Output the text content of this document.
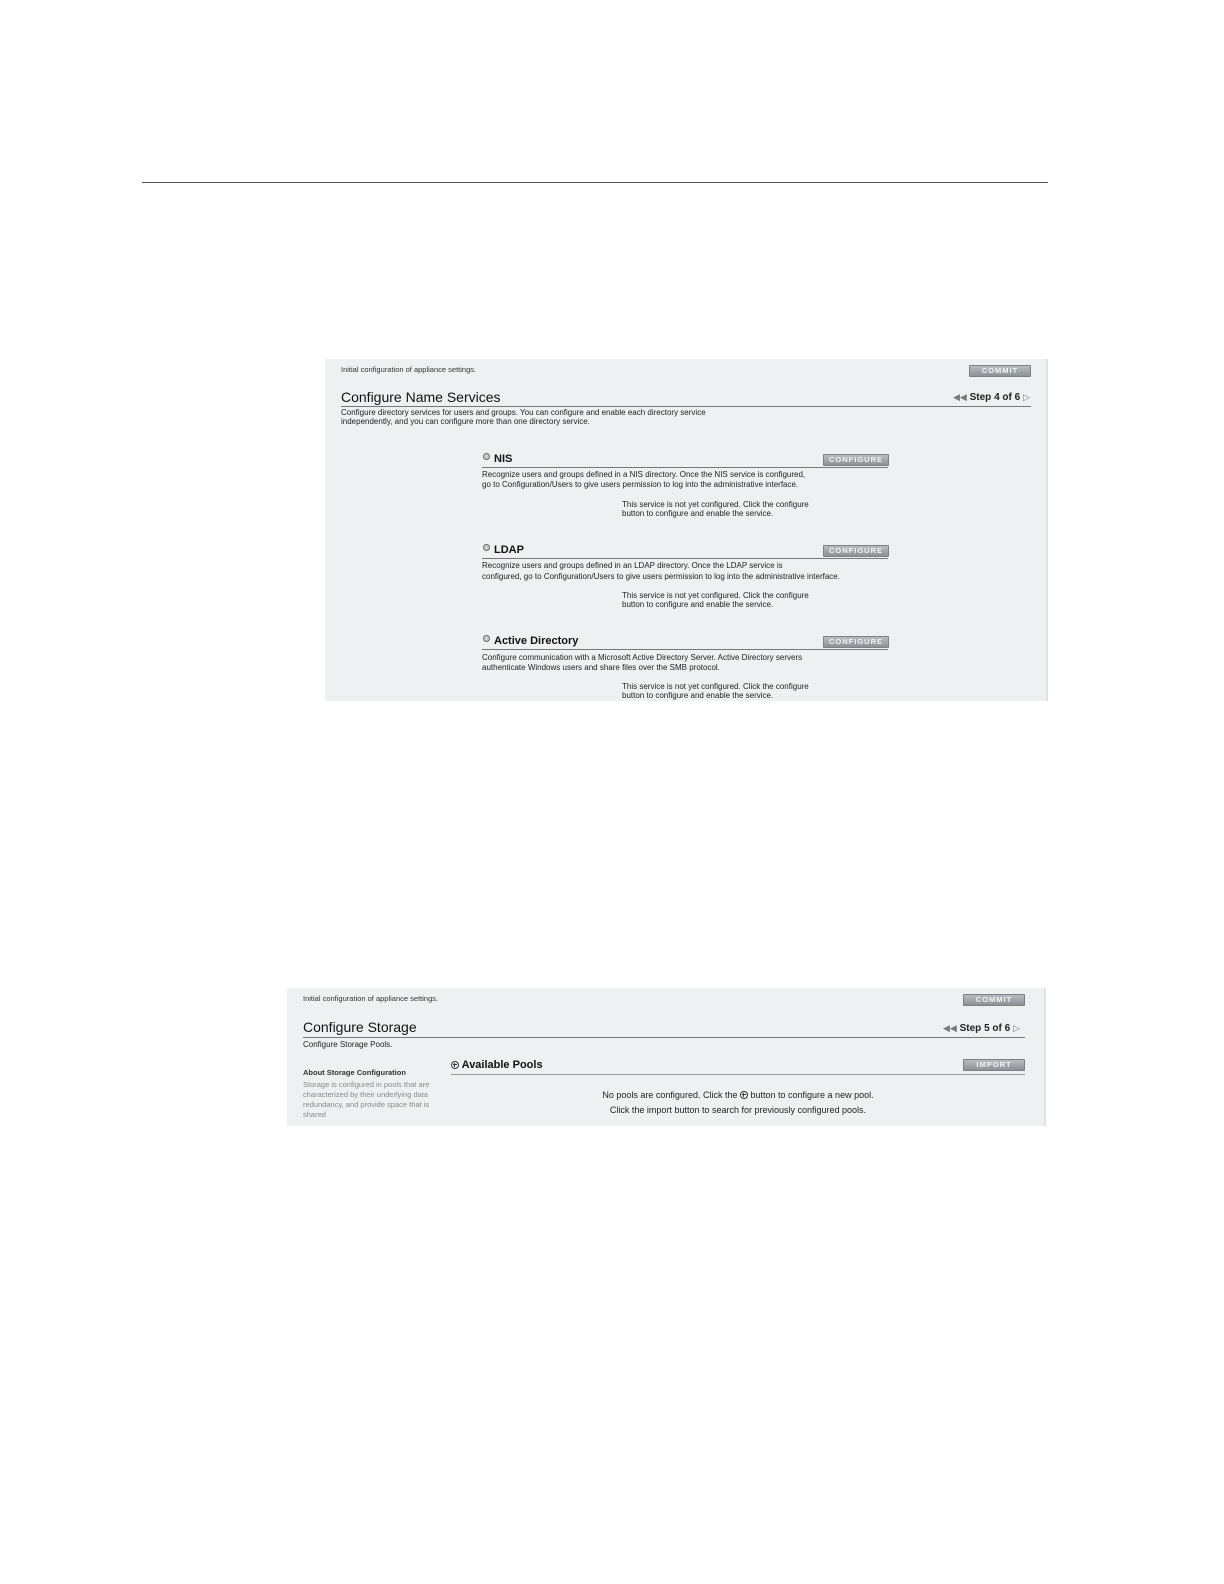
Initial configuration of appliance settings.	COMMIT
Configure Name Services	◀◀ Step 4 of 6 ▷
Configure directory services for users and groups. You can configure and enable each directory service
independently, and you can configure more than one directory service.
NIS	CONFIGURE
Recognize users and groups defined in a NIS directory. Once the NIS service is configured,
go to Configuration/Users to give users permission to log into the administrative interface.
This service is not yet configured. Click the configure
button to configure and enable the service.
LDAP	CONFIGURE
Recognize users and groups defined in an LDAP directory. Once the LDAP service is
configured, go to Configuration/Users to give users permission to log into the administrative interface.
This service is not yet configured. Click the configure
button to configure and enable the service.
Active Directory	CONFIGURE
Configure communication with a Microsoft Active Directory Server. Active Directory servers
authenticate Windows users and share files over the SMB protocol.
This service is not yet configured. Click the configure
button to configure and enable the service.
Initial configuration of appliance settings.	COMMIT
Configure Storage	◀◀ Step 5 of 6 ▷
Configure Storage Pools.
About Storage Configuration
Storage is configured in pools that are characterized by their underlying data redundancy, and provide space that is shared
Available Pools	IMPORT
No pools are configured. Click the button to configure a new pool.
Click the import button to search for previously configured pools.
